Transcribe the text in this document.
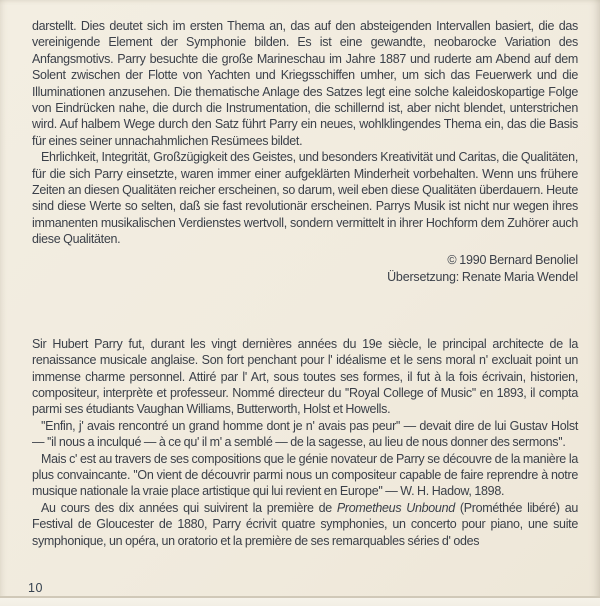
darstellt. Dies deutet sich im ersten Thema an, das auf den absteigenden Intervallen basiert, die das vereinigende Element der Symphonie bilden. Es ist eine gewandte, neobarocke Variation des Anfangsmotivs. Parry besuchte die große Marineschau im Jahre 1887 und ruderte am Abend auf dem Solent zwischen der Flotte von Yachten und Kriegsschiffen umher, um sich das Feuerwerk und die Illuminationen anzusehen. Die thematische Anlage des Satzes legt eine solche kaleidoskopartige Folge von Eindrücken nahe, die durch die Instrumentation, die schillernd ist, aber nicht blendet, unterstrichen wird. Auf halbem Wege durch den Satz führt Parry ein neues, wohlklingendes Thema ein, das die Basis für eines seiner unnachahmlichen Resümees bildet.

Ehrlichkeit, Integrität, Großzügigkeit des Geistes, und besonders Kreativität und Caritas, die Qualitäten, für die sich Parry einsetzte, waren immer einer aufgeklärten Minderheit vorbehalten. Wenn uns frühere Zeiten an diesen Qualitäten reicher erscheinen, so darum, weil eben diese Qualitäten überdauern. Heute sind diese Werte so selten, daß sie fast revolutionär erscheinen. Parrys Musik ist nicht nur wegen ihres immanenten musikalischen Verdienstes wertvoll, sondern vermittelt in ihrer Hochform dem Zuhörer auch diese Qualitäten.

© 1990 Bernard Benoliel

Übersetzung: Renate Maria Wendel

Sir Hubert Parry fut, durant les vingt dernières années du 19e siècle, le principal architecte de la renaissance musicale anglaise. Son fort penchant pour l' idéalisme et le sens moral n' excluait point un immense charme personnel. Attiré par l' Art, sous toutes ses formes, il fut à la fois écrivain, historien, compositeur, interprète et professeur. Nommé directeur du ''Royal College of Music'' en 1893, il compta parmi ses étudiants Vaughan Williams, Butterworth, Holst et Howells.

''Enfin, j' avais rencontré un grand homme dont je n' avais pas peur'' — devait dire de lui Gustav Holst — ''il nous a inculqué — à ce qu' il m' a semblé — de la sagesse, au lieu de nous donner des sermons''.

Mais c' est au travers de ses compositions que le génie novateur de Parry se découvre de la manière la plus convaincante. ''On vient de découvrir parmi nous un compositeur capable de faire reprendre à notre musique nationale la vraie place artistique qui lui revient en Europe'' — W. H. Hadow, 1898.

Au cours des dix années qui suivirent la première de Prometheus Unbound (Prométhée libéré) au Festival de Gloucester de 1880, Parry écrivit quatre symphonies, un concerto pour piano, une suite symphonique, un opéra, un oratorio et la première de ses remarquables séries d' odes

10
